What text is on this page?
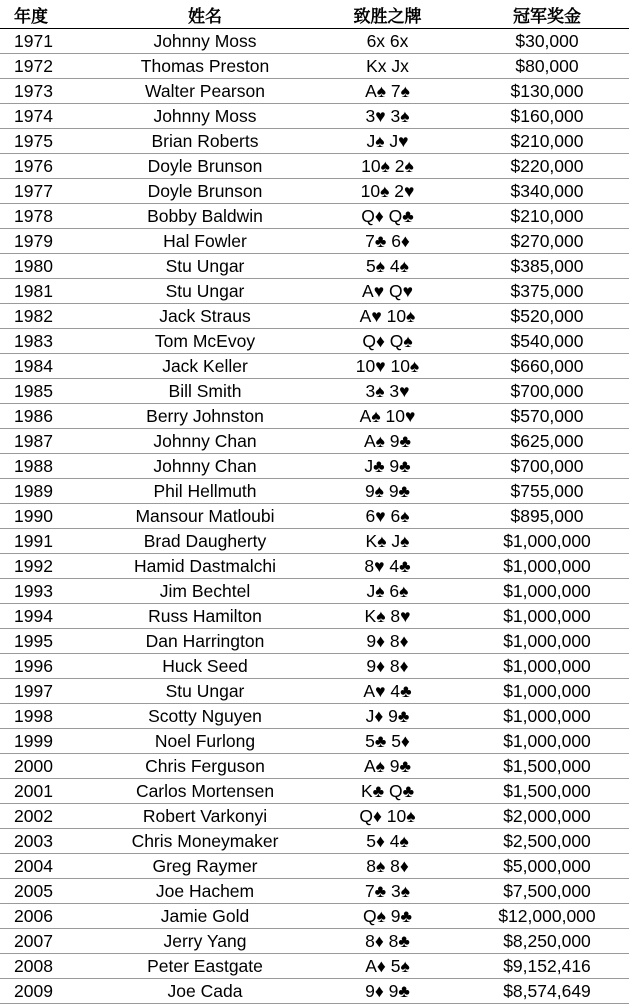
年度	姓名	致胜之牌	冠军奖金
1971	Johnny Moss	6x 6x	$30,000
1972	Thomas Preston	Kx Jx	$80,000
1973	Walter Pearson	A♠ 7♠	$130,000
1974	Johnny Moss	3♥ 3♠	$160,000
1975	Brian Roberts	J♠ J♥	$210,000
1976	Doyle Brunson	10♠ 2♠	$220,000
1977	Doyle Brunson	10♠ 2♥	$340,000
1978	Bobby Baldwin	Q♦ Q♣	$210,000
1979	Hal Fowler	7♣ 6♦	$270,000
1980	Stu Ungar	5♠ 4♠	$385,000
1981	Stu Ungar	A♥ Q♥	$375,000
1982	Jack Straus	A♥ 10♠	$520,000
1983	Tom McEvoy	Q♦ Q♠	$540,000
1984	Jack Keller	10♥ 10♠	$660,000
1985	Bill Smith	3♠ 3♥	$700,000
1986	Berry Johnston	A♠ 10♥	$570,000
1987	Johnny Chan	A♠ 9♣	$625,000
1988	Johnny Chan	J♣ 9♣	$700,000
1989	Phil Hellmuth	9♠ 9♣	$755,000
1990	Mansour Matloubi	6♥ 6♠	$895,000
1991	Brad Daugherty	K♠ J♠	$1,000,000
1992	Hamid Dastmalchi	8♥ 4♣	$1,000,000
1993	Jim Bechtel	J♠ 6♠	$1,000,000
1994	Russ Hamilton	K♠ 8♥	$1,000,000
1995	Dan Harrington	9♦ 8♦	$1,000,000
1996	Huck Seed	9♦ 8♦	$1,000,000
1997	Stu Ungar	A♥ 4♣	$1,000,000
1998	Scotty Nguyen	J♦ 9♣	$1,000,000
1999	Noel Furlong	5♣ 5♦	$1,000,000
2000	Chris Ferguson	A♠ 9♣	$1,500,000
2001	Carlos Mortensen	K♣ Q♣	$1,500,000
2002	Robert Varkonyi	Q♦ 10♠	$2,000,000
2003	Chris Moneymaker	5♦ 4♠	$2,500,000
2004	Greg Raymer	8♠ 8♦	$5,000,000
2005	Joe Hachem	7♣ 3♠	$7,500,000
2006	Jamie Gold	Q♠ 9♣	$12,000,000
2007	Jerry Yang	8♦ 8♣	$8,250,000
2008	Peter Eastgate	A♦ 5♠	$9,152,416
2009	Joe Cada	9♦ 9♣	$8,574,649
